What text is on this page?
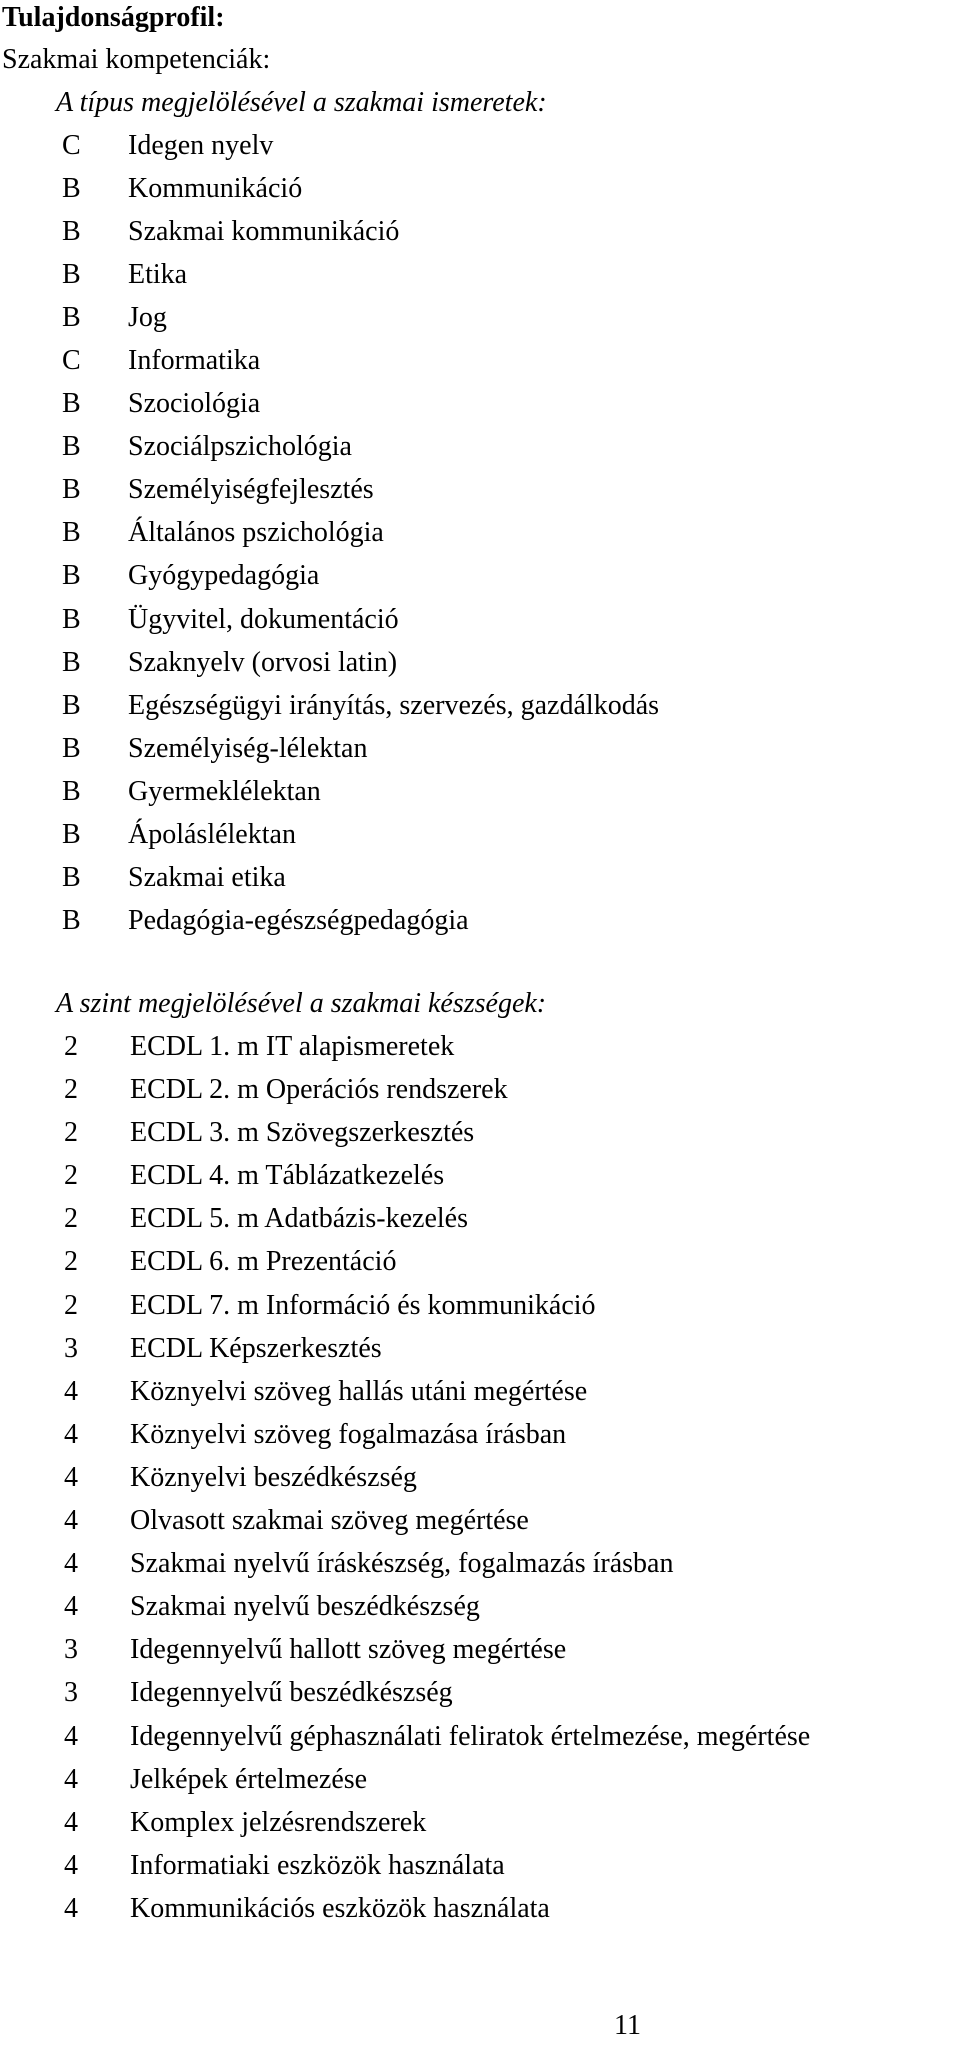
Tulajdonságprofil:

Szakmai kompetenciák:

A típus megjelölésével a szakmai ismeretek:

C	Idegen nyelv
B	Kommunikáció
B	Szakmai kommunikáció
B	Etika
B	Jog
C	Informatika
B	Szociológia
B	Szociálpszichológia
B	Személyiségfejlesztés
B	Általános pszichológia
B	Gyógypedagógia
B	Ügyvitel, dokumentáció
B	Szaknyelv (orvosi latin)
B	Egészségügyi irányítás, szervezés, gazdálkodás
B	Személyiség-lélektan
B	Gyermeklélektan
B	Ápoláslélektan
B	Szakmai etika
B	Pedagógia-egészségpedagógia

A szint megjelölésével a szakmai készségek:

2	ECDL 1. m IT alapismeretek
2	ECDL 2. m Operációs rendszerek
2	ECDL 3. m Szövegszerkesztés
2	ECDL 4. m Táblázatkezelés
2	ECDL 5. m Adatbázis-kezelés
2	ECDL 6. m Prezentáció
2	ECDL 7. m Információ és kommunikáció
3	ECDL Képszerkesztés
4	Köznyelvi szöveg hallás utáni megértése
4	Köznyelvi szöveg fogalmazása írásban
4	Köznyelvi beszédkészség
4	Olvasott szakmai szöveg megértése
4	Szakmai nyelvű íráskészség, fogalmazás írásban
4	Szakmai nyelvű beszédkészség
3	Idegennyelvű hallott szöveg megértése
3	Idegennyelvű beszédkészség
4	Idegennyelvű géphasználati feliratok értelmezése, megértése
4	Jelképek értelmezése
4	Komplex jelzésrendszerek
4	Informatiaki eszközök használata
4	Kommunikációs eszközök használata

11
